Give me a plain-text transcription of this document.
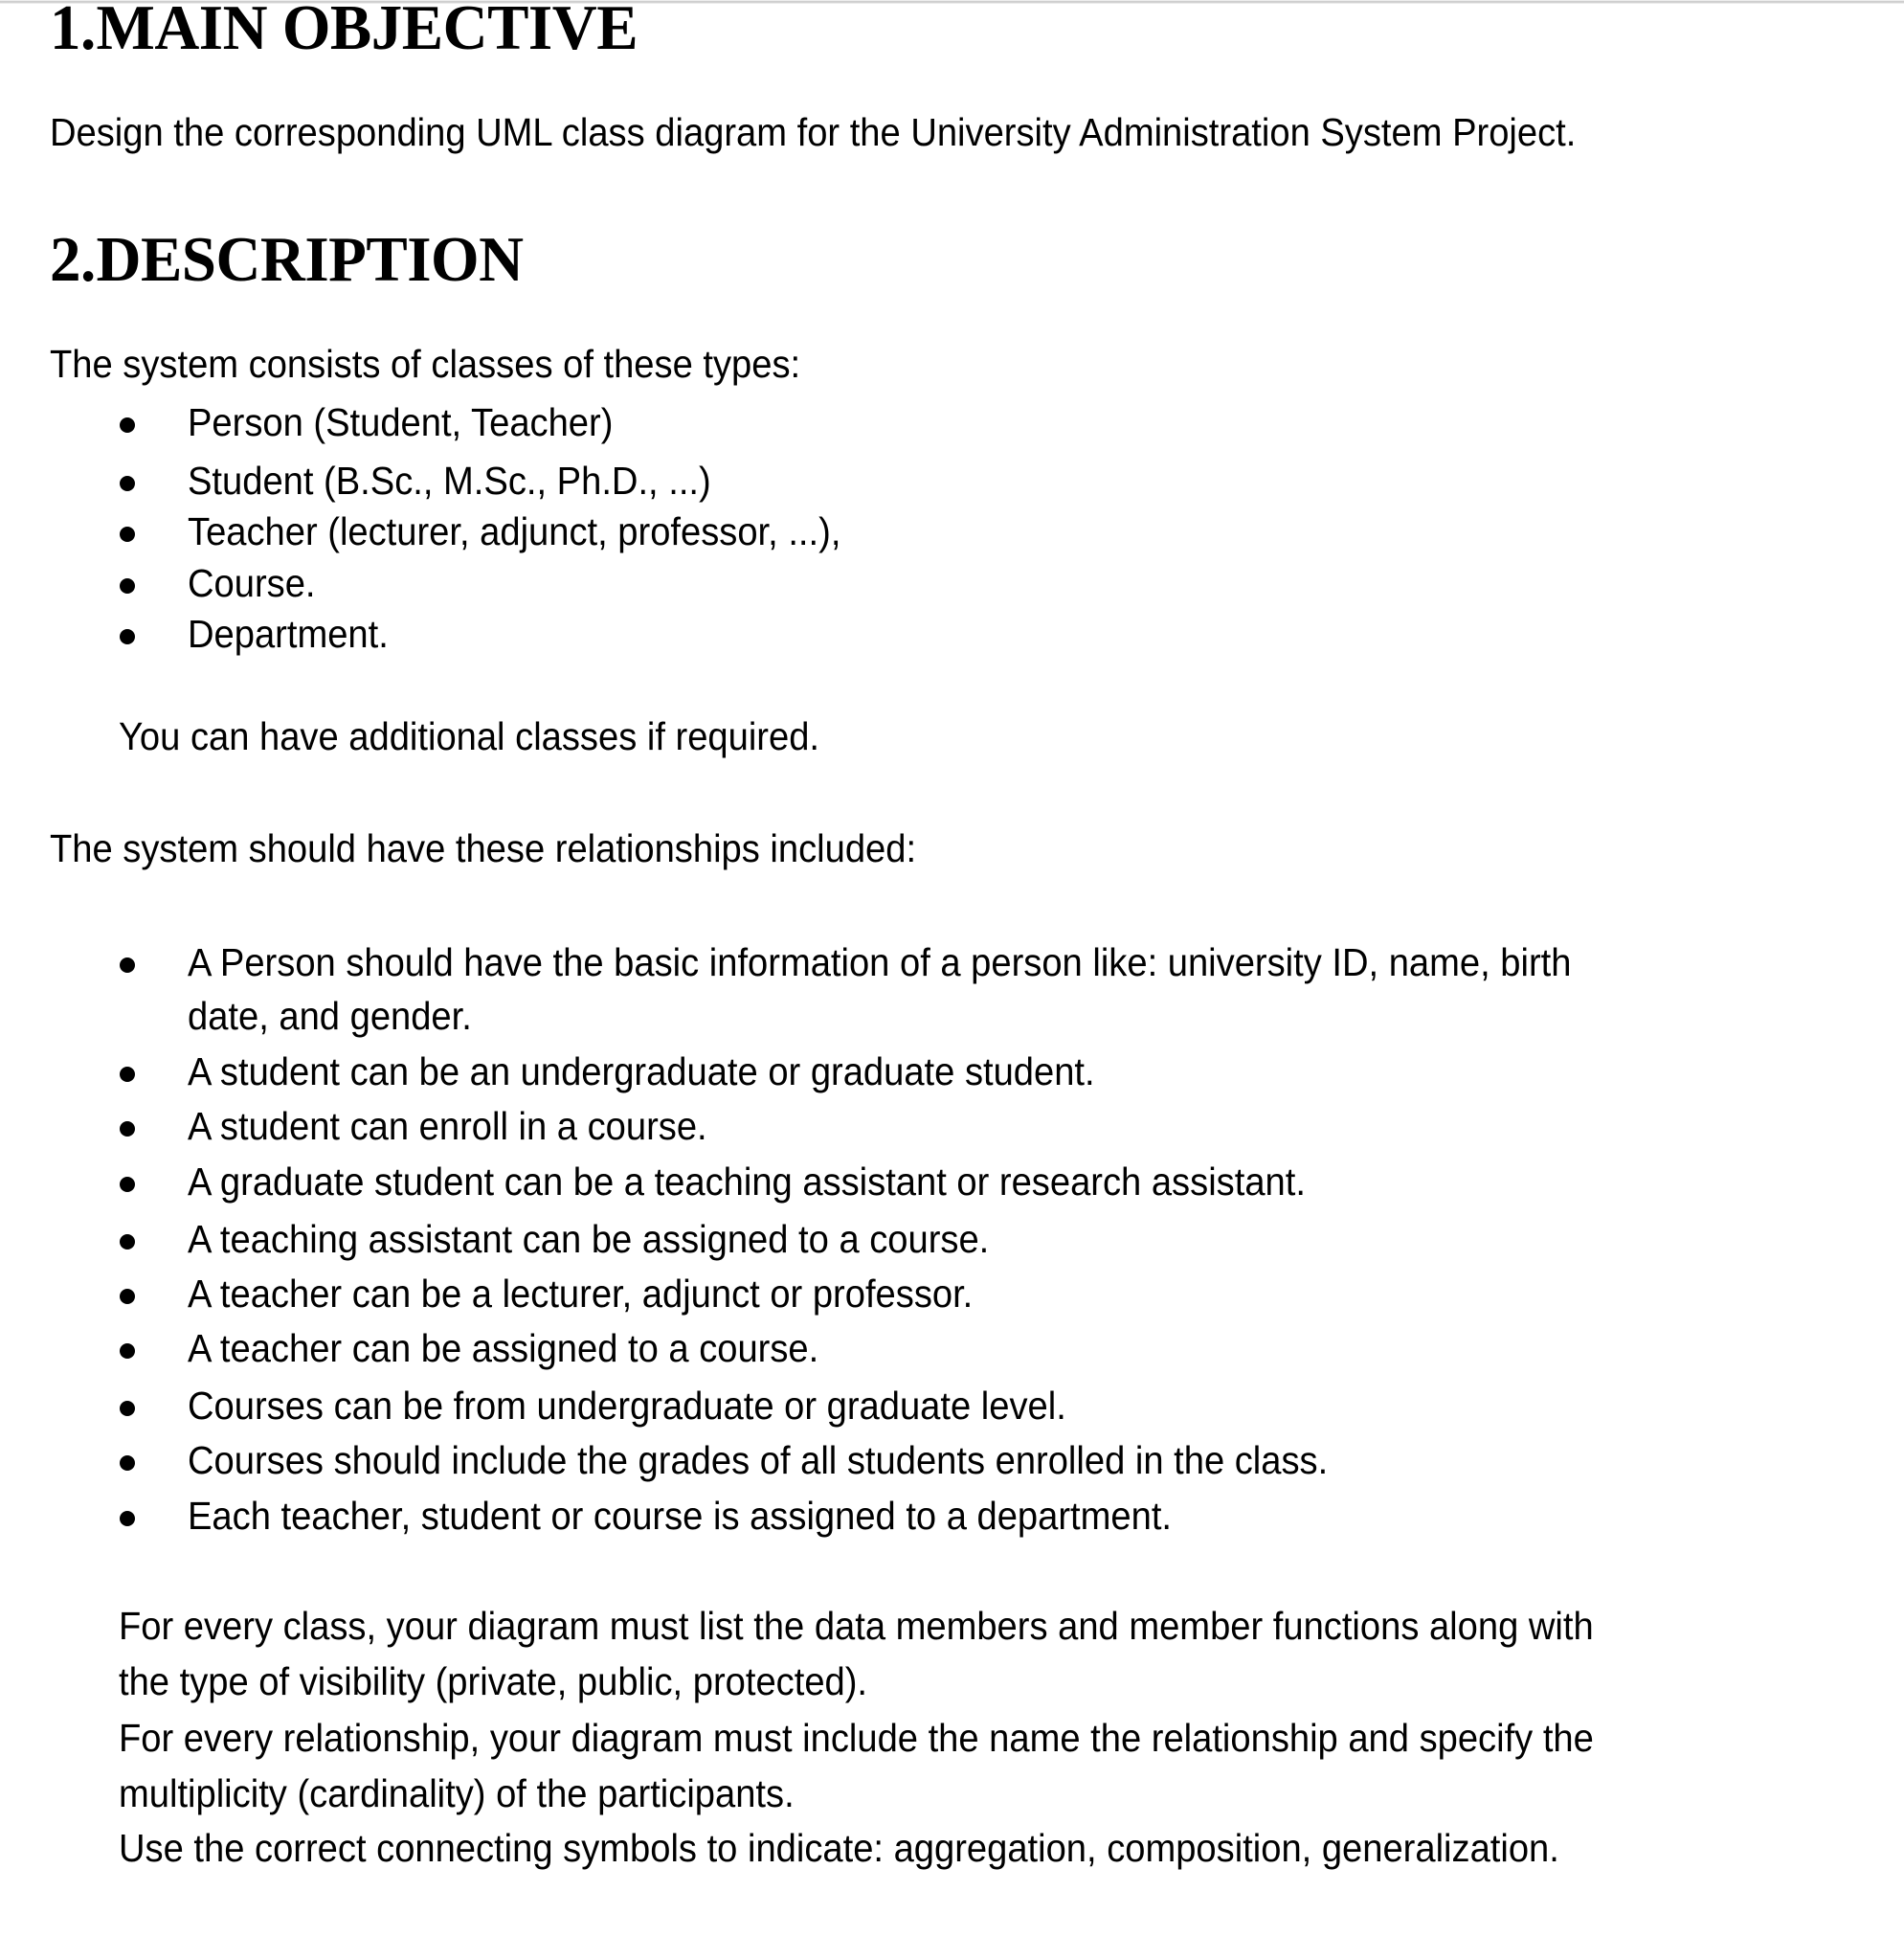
1.MAIN OBJECTIVE
Design the corresponding UML class diagram for the University Administration System Project.
2.DESCRIPTION
The system consists of classes of these types:
Person (Student, Teacher)
Student (B.Sc., M.Sc., Ph.D., ...)
Teacher (lecturer, adjunct, professor, ...),
Course.
Department.
You can have additional classes if required.
The system should have these relationships included:
A Person should have the basic information of a person like: university ID, name, birth
date, and gender.
A student can be an undergraduate or graduate student.
A student can enroll in a course.
A graduate student can be a teaching assistant or research assistant.
A teaching assistant can be assigned to a course.
A teacher can be a lecturer, adjunct or professor.
A teacher can be assigned to a course.
Courses can be from undergraduate or graduate level.
Courses should include the grades of all students enrolled in the class.
Each teacher, student or course is assigned to a department.
For every class, your diagram must list the data members and member functions along with
the type of visibility (private, public, protected).
For every relationship, your diagram must include the name the relationship and specify the
multiplicity (cardinality) of the participants.
Use the correct connecting symbols to indicate: aggregation, composition, generalization.
